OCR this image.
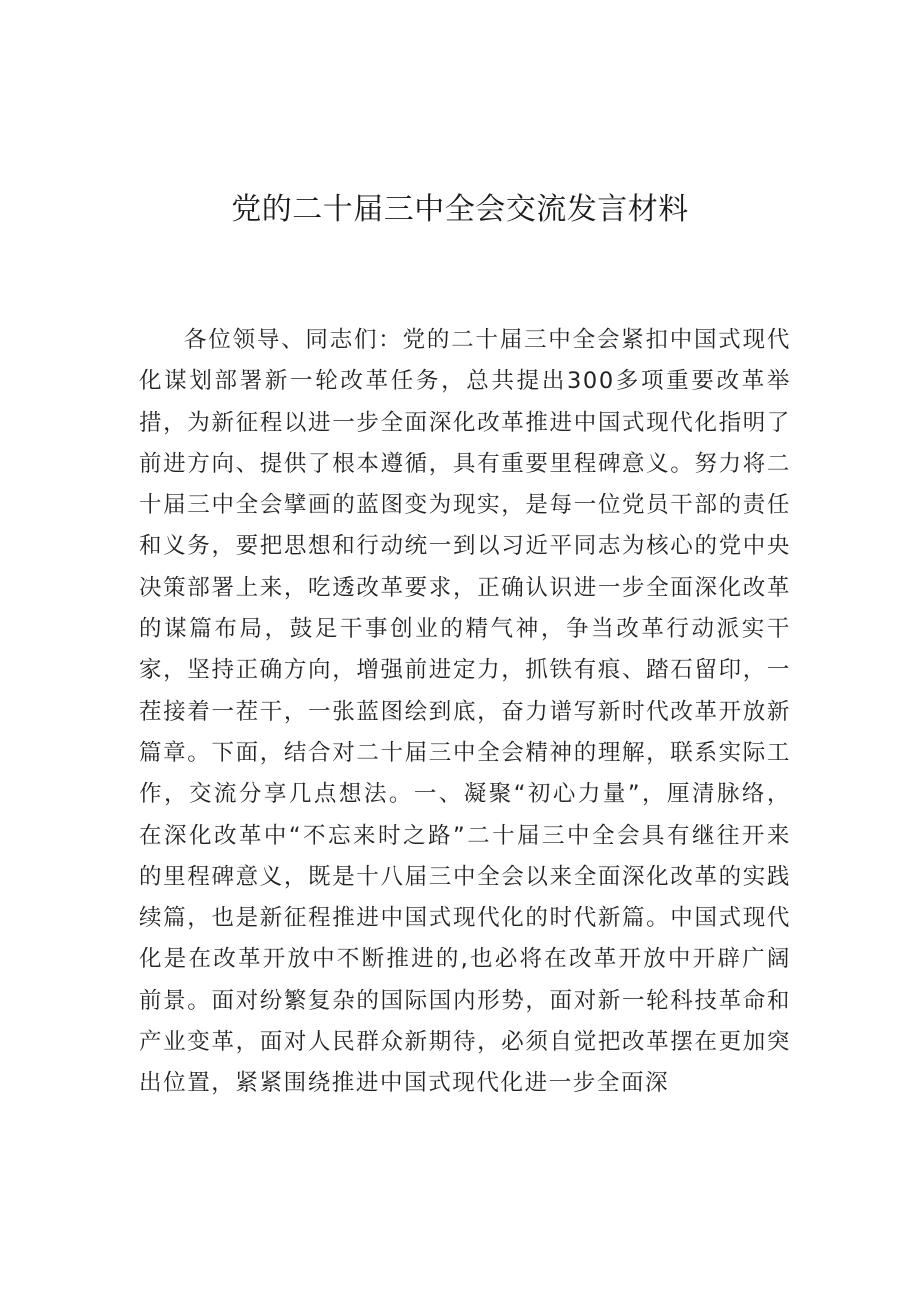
党的二十届三中全会交流发言材料
各位领导、同志们：党的二十届三中全会紧扣中国式现代化谋划部署新一轮改革任务，总共提出300多项重要改革举措，为新征程以进一步全面深化改革推进中国式现代化指明了前进方向、提供了根本遵循，具有重要里程碑意义。努力将二十届三中全会擘画的蓝图变为现实，是每一位党员干部的责任和义务，要把思想和行动统一到以习近平同志为核心的党中央决策部署上来，吃透改革要求，正确认识进一步全面深化改革的谋篇布局，鼓足干事创业的精气神，争当改革行动派实干家，坚持正确方向，增强前进定力，抓铁有痕、踏石留印，一茬接着一茬干，一张蓝图绘到底，奋力谱写新时代改革开放新篇章。下面，结合对二十届三中全会精神的理解，联系实际工作，交流分享几点想法。一、凝聚“初心力量”，厘清脉络，在深化改革中“不忘来时之路”二十届三中全会具有继往开来的里程碑意义，既是十八届三中全会以来全面深化改革的实践续篇，也是新征程推进中国式现代化的时代新篇。中国式现代化是在改革开放中不断推进的,也必将在改革开放中开辟广阔前景。面对纷繁复杂的国际国内形势，面对新一轮科技革命和产业变革，面对人民群众新期待，必须自觉把改革摆在更加突出位置，紧紧围绕推进中国式现代化进一步全面深
